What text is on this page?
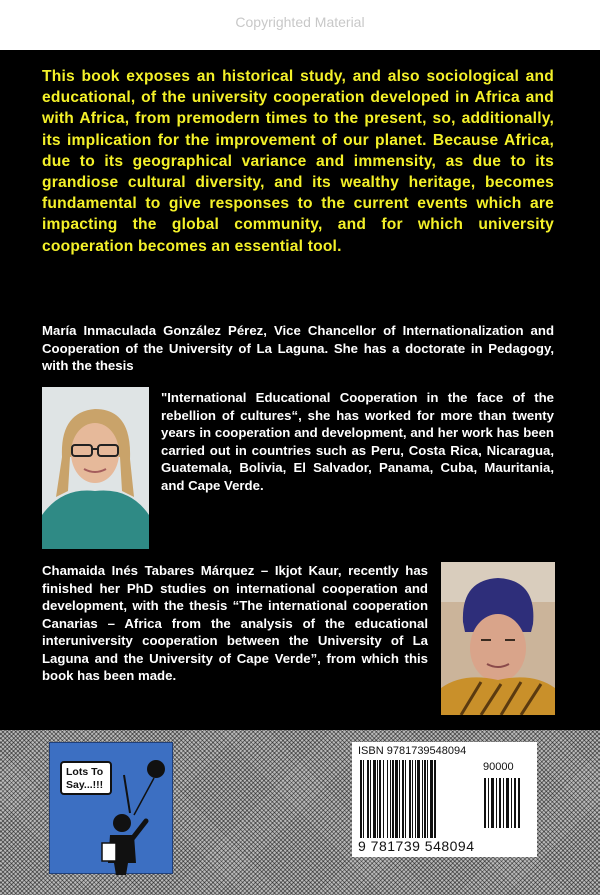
Copyrighted Material
This book exposes an historical study, and also sociological and educational, of the university cooperation developed in Africa and with Africa, from premodern times to the present, so, additionally, its implication for the improvement of our planet. Because Africa, due to its geographical variance and immensity, as due to its grandiose cultural diversity, and its wealthy heritage, becomes fundamental to give responses to the current events which are impacting the global community, and for which university cooperation becomes an essential tool.
María Inmaculada González Pérez, Vice Chancellor of Internationalization and Cooperation of the University of La Laguna. She has a doctorate in Pedagogy, with the thesis
"International Educational Cooperation in the face of the rebellion of cultures“, she has worked for more than twenty years in cooperation and development, and her work has been carried out in countries such as Peru, Costa Rica, Nicaragua, Guatemala, Bolivia, El Salvador, Panama, Cuba, Mauritania, and Cape Verde.
Chamaida Inés Tabares Márquez – Ikjot Kaur, recently has finished her PhD studies on international cooperation and development, with the thesis “The international cooperation Canarias – Africa from the analysis of the educational interuniversity cooperation between the University of La Laguna and the University of Cape Verde”, from which this book has been made.
Lots To Say...!!!
ISBN 9781739548094
90000
9 781739 548094
